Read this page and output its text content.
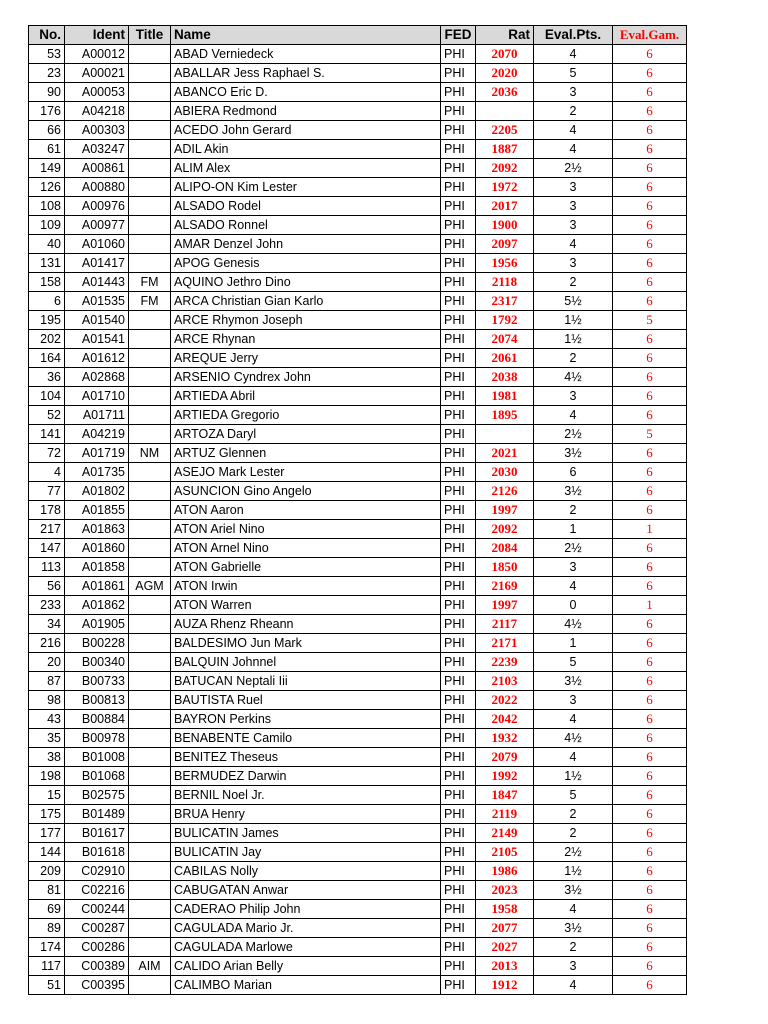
No.	Ident	Title	Name	FED	Rat	Eval.Pts.	Eval.Gam.
53	A00012		ABAD Verniedeck	PHI	2070	4	6
23	A00021		ABALLAR Jess Raphael S.	PHI	2020	5	6
90	A00053		ABANCO Eric D.	PHI	2036	3	6
176	A04218		ABIERA Redmond	PHI		2	6
66	A00303		ACEDO John Gerard	PHI	2205	4	6
61	A03247		ADIL Akin	PHI	1887	4	6
149	A00861		ALIM Alex	PHI	2092	2½	6
126	A00880		ALIPO-ON Kim Lester	PHI	1972	3	6
108	A00976		ALSADO Rodel	PHI	2017	3	6
109	A00977		ALSADO Ronnel	PHI	1900	3	6
40	A01060		AMAR Denzel John	PHI	2097	4	6
131	A01417		APOG Genesis	PHI	1956	3	6
158	A01443	FM	AQUINO Jethro Dino	PHI	2118	2	6
6	A01535	FM	ARCA Christian Gian Karlo	PHI	2317	5½	6
195	A01540		ARCE Rhymon Joseph	PHI	1792	1½	5
202	A01541		ARCE Rhynan	PHI	2074	1½	6
164	A01612		AREQUE Jerry	PHI	2061	2	6
36	A02868		ARSENIO Cyndrex John	PHI	2038	4½	6
104	A01710		ARTIEDA Abril	PHI	1981	3	6
52	A01711		ARTIEDA Gregorio	PHI	1895	4	6
141	A04219		ARTOZA Daryl	PHI		2½	5
72	A01719	NM	ARTUZ Glennen	PHI	2021	3½	6
4	A01735		ASEJO Mark Lester	PHI	2030	6	6
77	A01802		ASUNCION Gino Angelo	PHI	2126	3½	6
178	A01855		ATON Aaron	PHI	1997	2	6
217	A01863		ATON Ariel Nino	PHI	2092	1	1
147	A01860		ATON Arnel Nino	PHI	2084	2½	6
113	A01858		ATON Gabrielle	PHI	1850	3	6
56	A01861	AGM	ATON Irwin	PHI	2169	4	6
233	A01862		ATON Warren	PHI	1997	0	1
34	A01905		AUZA Rhenz Rheann	PHI	2117	4½	6
216	B00228		BALDESIMO Jun Mark	PHI	2171	1	6
20	B00340		BALQUIN Johnnel	PHI	2239	5	6
87	B00733		BATUCAN Neptali Iii	PHI	2103	3½	6
98	B00813		BAUTISTA Ruel	PHI	2022	3	6
43	B00884		BAYRON Perkins	PHI	2042	4	6
35	B00978		BENABENTE Camilo	PHI	1932	4½	6
38	B01008		BENITEZ Theseus	PHI	2079	4	6
198	B01068		BERMUDEZ Darwin	PHI	1992	1½	6
15	B02575		BERNIL Noel Jr.	PHI	1847	5	6
175	B01489		BRUA Henry	PHI	2119	2	6
177	B01617		BULICATIN James	PHI	2149	2	6
144	B01618		BULICATIN Jay	PHI	2105	2½	6
209	C02910		CABILAS Nolly	PHI	1986	1½	6
81	C02216		CABUGATAN Anwar	PHI	2023	3½	6
69	C00244		CADERAO Philip John	PHI	1958	4	6
89	C00287		CAGULADA Mario Jr.	PHI	2077	3½	6
174	C00286		CAGULADA Marlowe	PHI	2027	2	6
117	C00389	AIM	CALIDO Arian Belly	PHI	2013	3	6
51	C00395		CALIMBO Marian	PHI	1912	4	6
